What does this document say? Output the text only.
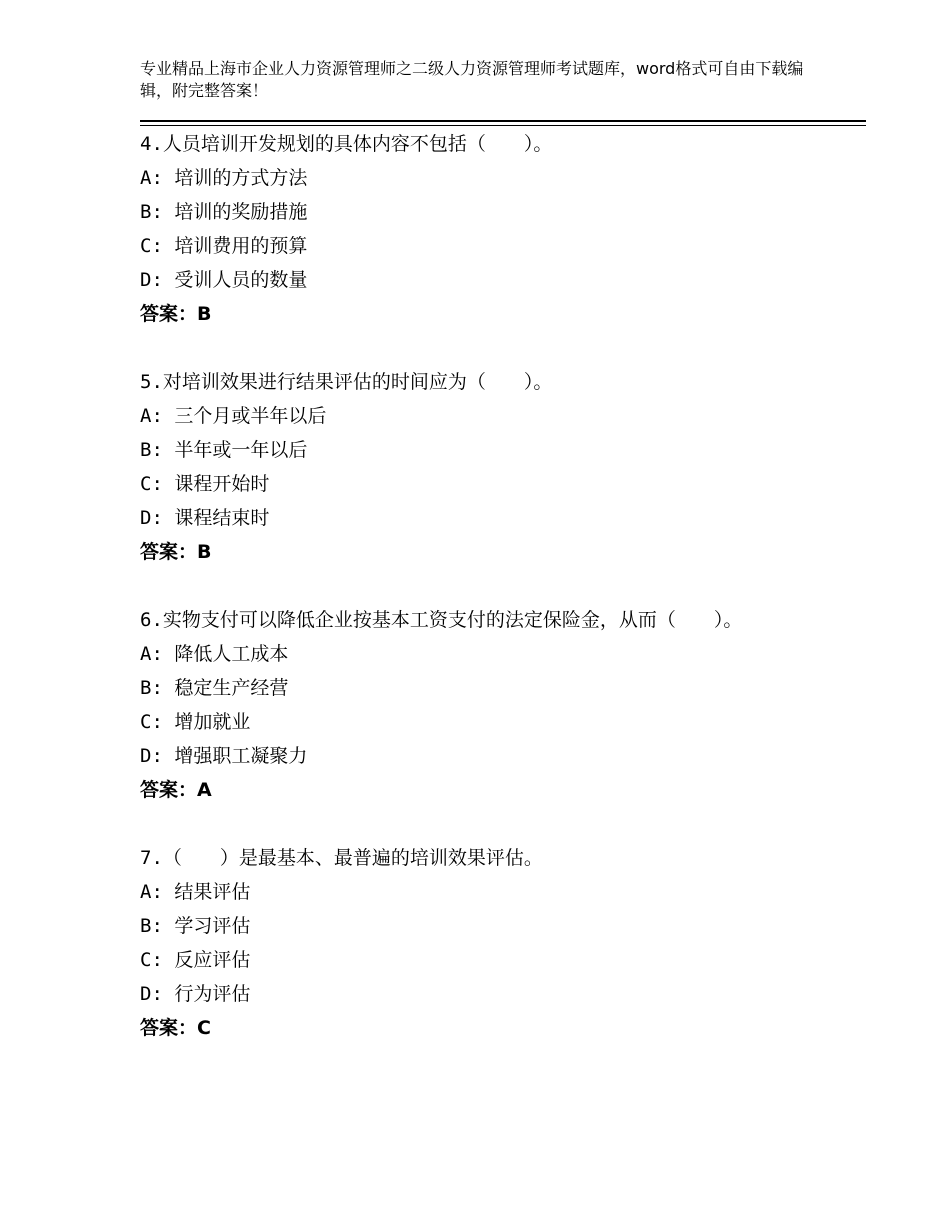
专业精品上海市企业人力资源管理师之二级人力资源管理师考试题库，word格式可自由下载编辑，附完整答案！
4.人员培训开发规划的具体内容不包括（　　）。
A: 培训的方式方法
B: 培训的奖励措施
C: 培训费用的预算
D: 受训人员的数量
答案：B
5.对培训效果进行结果评估的时间应为（　　）。
A: 三个月或半年以后
B: 半年或一年以后
C: 课程开始时
D: 课程结束时
答案：B
6.实物支付可以降低企业按基本工资支付的法定保险金，从而（　　）。
A: 降低人工成本
B: 稳定生产经营
C: 增加就业
D: 增强职工凝聚力
答案：A
7.（　　）是最基本、最普遍的培训效果评估。
A: 结果评估
B: 学习评估
C: 反应评估
D: 行为评估
答案：C
